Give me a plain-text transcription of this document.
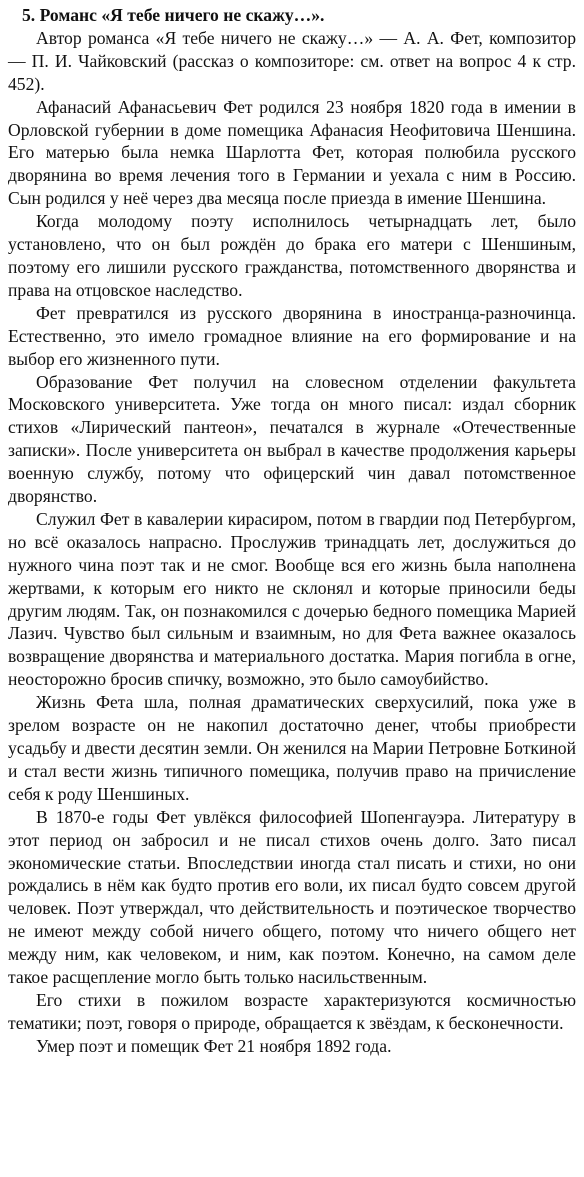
5. Романс «Я тебе ничего не скажу…».

Автор романса «Я тебе ничего не скажу…» — А. А. Фет, композитор — П. И. Чайковский (рассказ о композиторе: см. ответ на вопрос 4 к стр. 452).

Афанасий Афанасьевич Фет родился 23 ноября 1820 года в имении в Орловской губернии в доме помещика Афанасия Неофитовича Шеншина. Его матерью была немка Шарлотта Фет, которая полюбила русского дворянина во время лечения того в Германии и уехала с ним в Россию. Сын родился у неё через два месяца после приезда в имение Шеншина.

Когда молодому поэту исполнилось четырнадцать лет, было установлено, что он был рождён до брака его матери с Шеншиным, поэтому его лишили русского гражданства, потомственного дворянства и права на отцовское наследство.

Фет превратился из русского дворянина в иностранца-разночинца. Естественно, это имело громадное влияние на его формирование и на выбор его жизненного пути.

Образование Фет получил на словесном отделении факультета Московского университета. Уже тогда он много писал: издал сборник стихов «Лирический пантеон», печатался в журнале «Отечественные записки». После университета он выбрал в качестве продолжения карьеры военную службу, потому что офицерский чин давал потомственное дворянство.

Служил Фет в кавалерии кирасиром, потом в гвардии под Петербургом, но всё оказалось напрасно. Прослужив тринадцать лет, дослужиться до нужного чина поэт так и не смог. Вообще вся его жизнь была наполнена жертвами, к которым его никто не склонял и которые приносили беды другим людям. Так, он познакомился с дочерью бедного помещика Марией Лазич. Чувство был сильным и взаимным, но для Фета важнее оказалось возвращение дворянства и материального достатка. Мария погибла в огне, неосторожно бросив спичку, возможно, это было самоубийство.

Жизнь Фета шла, полная драматических сверхусилий, пока уже в зрелом возрасте он не накопил достаточно денег, чтобы приобрести усадьбу и двести десятин земли. Он женился на Марии Петровне Боткиной и стал вести жизнь типичного помещика, получив право на причисление себя к роду Шеншиных.

В 1870-е годы Фет увлёкся философией Шопенгауэра. Литературу в этот период он забросил и не писал стихов очень долго. Зато писал экономические статьи. Впоследствии иногда стал писать и стихи, но они рождались в нём как будто против его воли, их писал будто совсем другой человек. Поэт утверждал, что действительность и поэтическое творчество не имеют между собой ничего общего, потому что ничего общего нет между ним, как человеком, и ним, как поэтом. Конечно, на самом деле такое расщепление могло быть только насильственным.

Его стихи в пожилом возрасте характеризуются космичностью тематики; поэт, говоря о природе, обращается к звёздам, к бесконечности.

Умер поэт и помещик Фет 21 ноября 1892 года.
